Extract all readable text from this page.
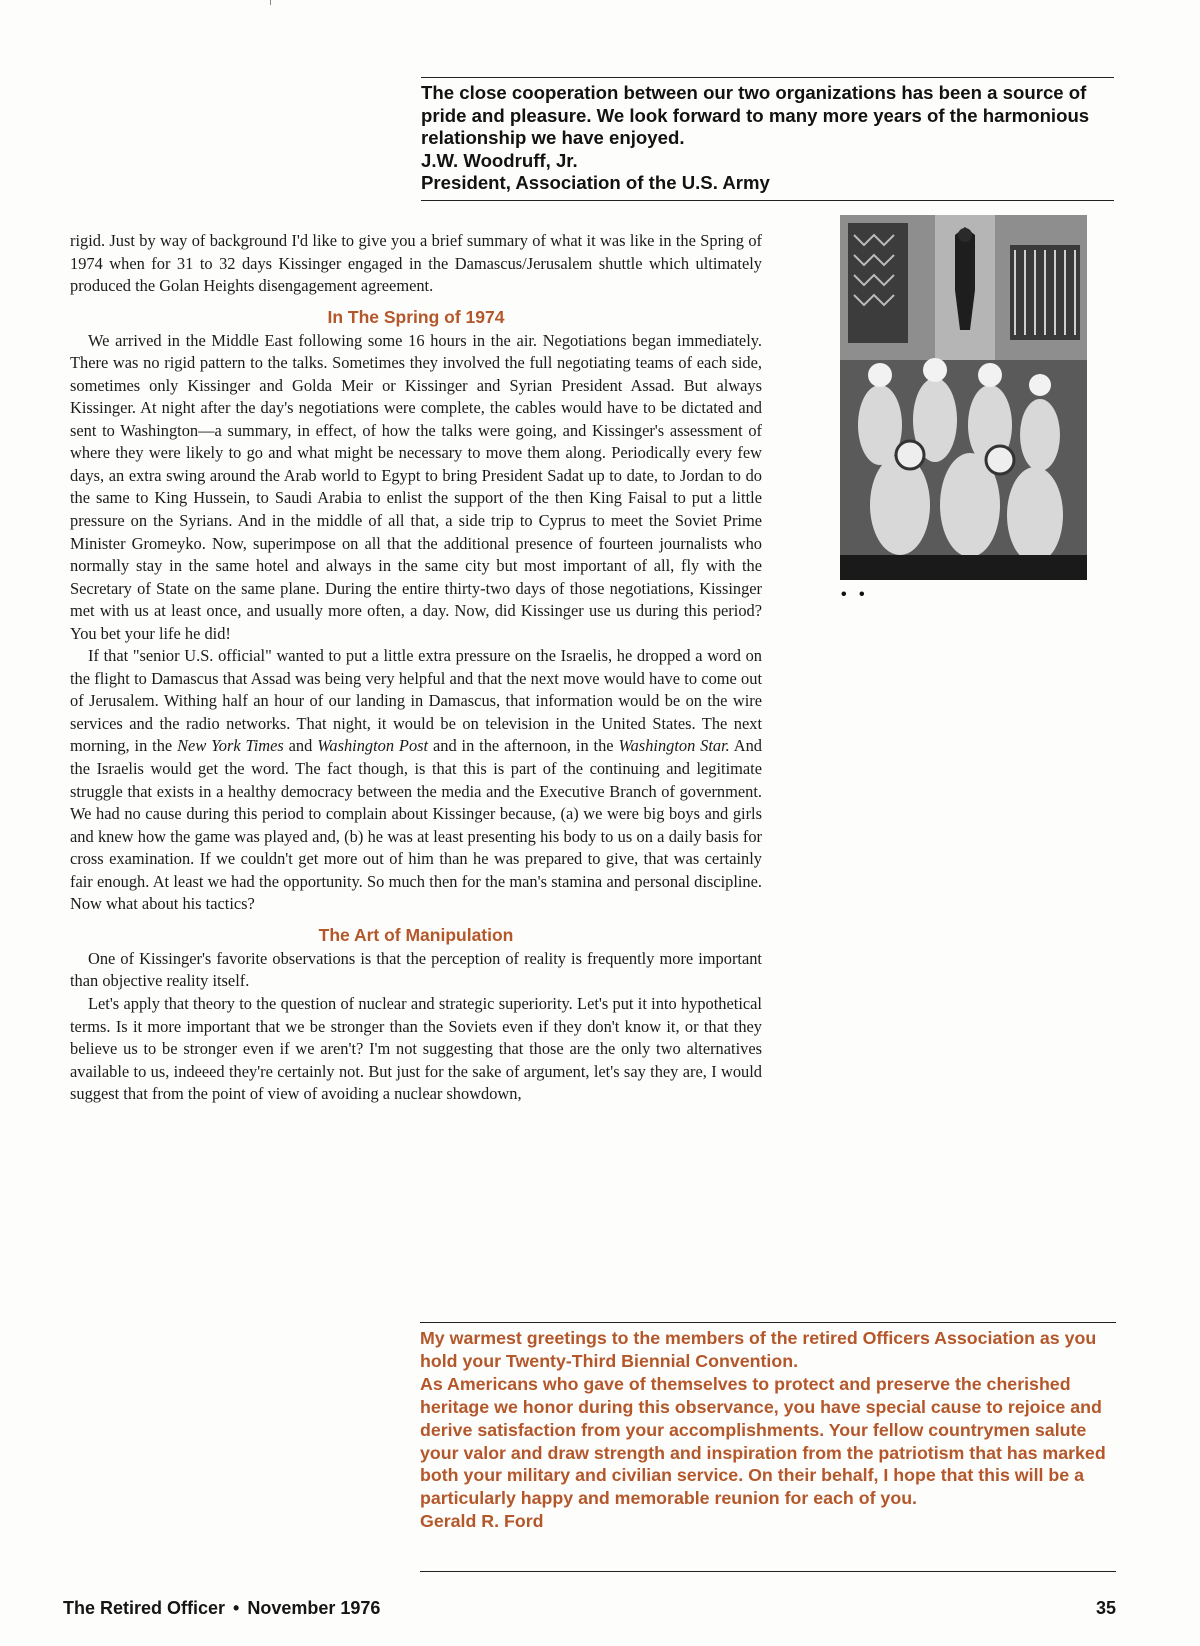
The close cooperation between our two organizations has been a source of pride and pleasure. We look forward to many more years of the harmonious relationship we have enjoyed.

J.W. Woodruff, Jr.

President, Association of the U.S. Army

rigid. Just by way of background I'd like to give you a brief summary of what it was like in the Spring of 1974 when for 31 to 32 days Kissinger engaged in the Damascus/Jerusalem shuttle which ultimately produced the Golan Heights disengagement agreement.

In The Spring of 1974

We arrived in the Middle East following some 16 hours in the air. Negotiations began immediately. There was no rigid pattern to the talks. Sometimes they involved the full negotiating teams of each side, sometimes only Kissinger and Golda Meir or Kissinger and Syrian President Assad. But always Kissinger. At night after the day's negotiations were complete, the cables would have to be dictated and sent to Washington—a summary, in effect, of how the talks were going, and Kissinger's assessment of where they were likely to go and what might be necessary to move them along. Periodically every few days, an extra swing around the Arab world to Egypt to bring President Sadat up to date, to Jordan to do the same to King Hussein, to Saudi Arabia to enlist the support of the then King Faisal to put a little pressure on the Syrians. And in the middle of all that, a side trip to Cyprus to meet the Soviet Prime Minister Gromeyko. Now, superimpose on all that the additional presence of fourteen journalists who normally stay in the same hotel and always in the same city but most important of all, fly with the Secretary of State on the same plane. During the entire thirty-two days of those negotiations, Kissinger met with us at least once, and usually more often, a day. Now, did Kissinger use us during this period? You bet your life he did!

If that "senior U.S. official" wanted to put a little extra pressure on the Israelis, he dropped a word on the flight to Damascus that Assad was being very helpful and that the next move would have to come out of Jerusalem. Withing half an hour of our landing in Damascus, that information would be on the wire services and the radio networks. That night, it would be on television in the United States. The next morning, in the New York Times and Washington Post and in the afternoon, in the Washington Star. And the Israelis would get the word. The fact though, is that this is part of the continuing and legitimate struggle that exists in a healthy democracy between the media and the Executive Branch of government. We had no cause during this period to complain about Kissinger because, (a) we were big boys and girls and knew how the game was played and, (b) he was at least presenting his body to us on a daily basis for cross examination. If we couldn't get more out of him than he was prepared to give, that was certainly fair enough. At least we had the opportunity. So much then for the man's stamina and personal discipline. Now what about his tactics?

The Art of Manipulation

One of Kissinger's favorite observations is that the perception of reality is frequently more important than objective reality itself.

Let's apply that theory to the question of nuclear and strategic superiority. Let's put it into hypothetical terms. Is it more important that we be stronger than the Soviets even if they don't know it, or that they believe us to be stronger even if we aren't? I'm not suggesting that those are the only two alternatives available to us, indeeed they're certainly not. But just for the sake of argument, let's say they are, I would suggest that from the point of view of avoiding a nuclear showdown,

• •

My warmest greetings to the members of the retired Officers Association as you hold your Twenty-Third Biennial Convention.

As Americans who gave of themselves to protect and preserve the cherished heritage we honor during this observance, you have special cause to rejoice and derive satisfaction from your accomplishments. Your fellow countrymen salute your valor and draw strength and inspiration from the patriotism that has marked both your military and civilian service. On their behalf, I hope that this will be a particularly happy and memorable reunion for each of you.

Gerald R. Ford

The Retired Officer • November 1976	35
